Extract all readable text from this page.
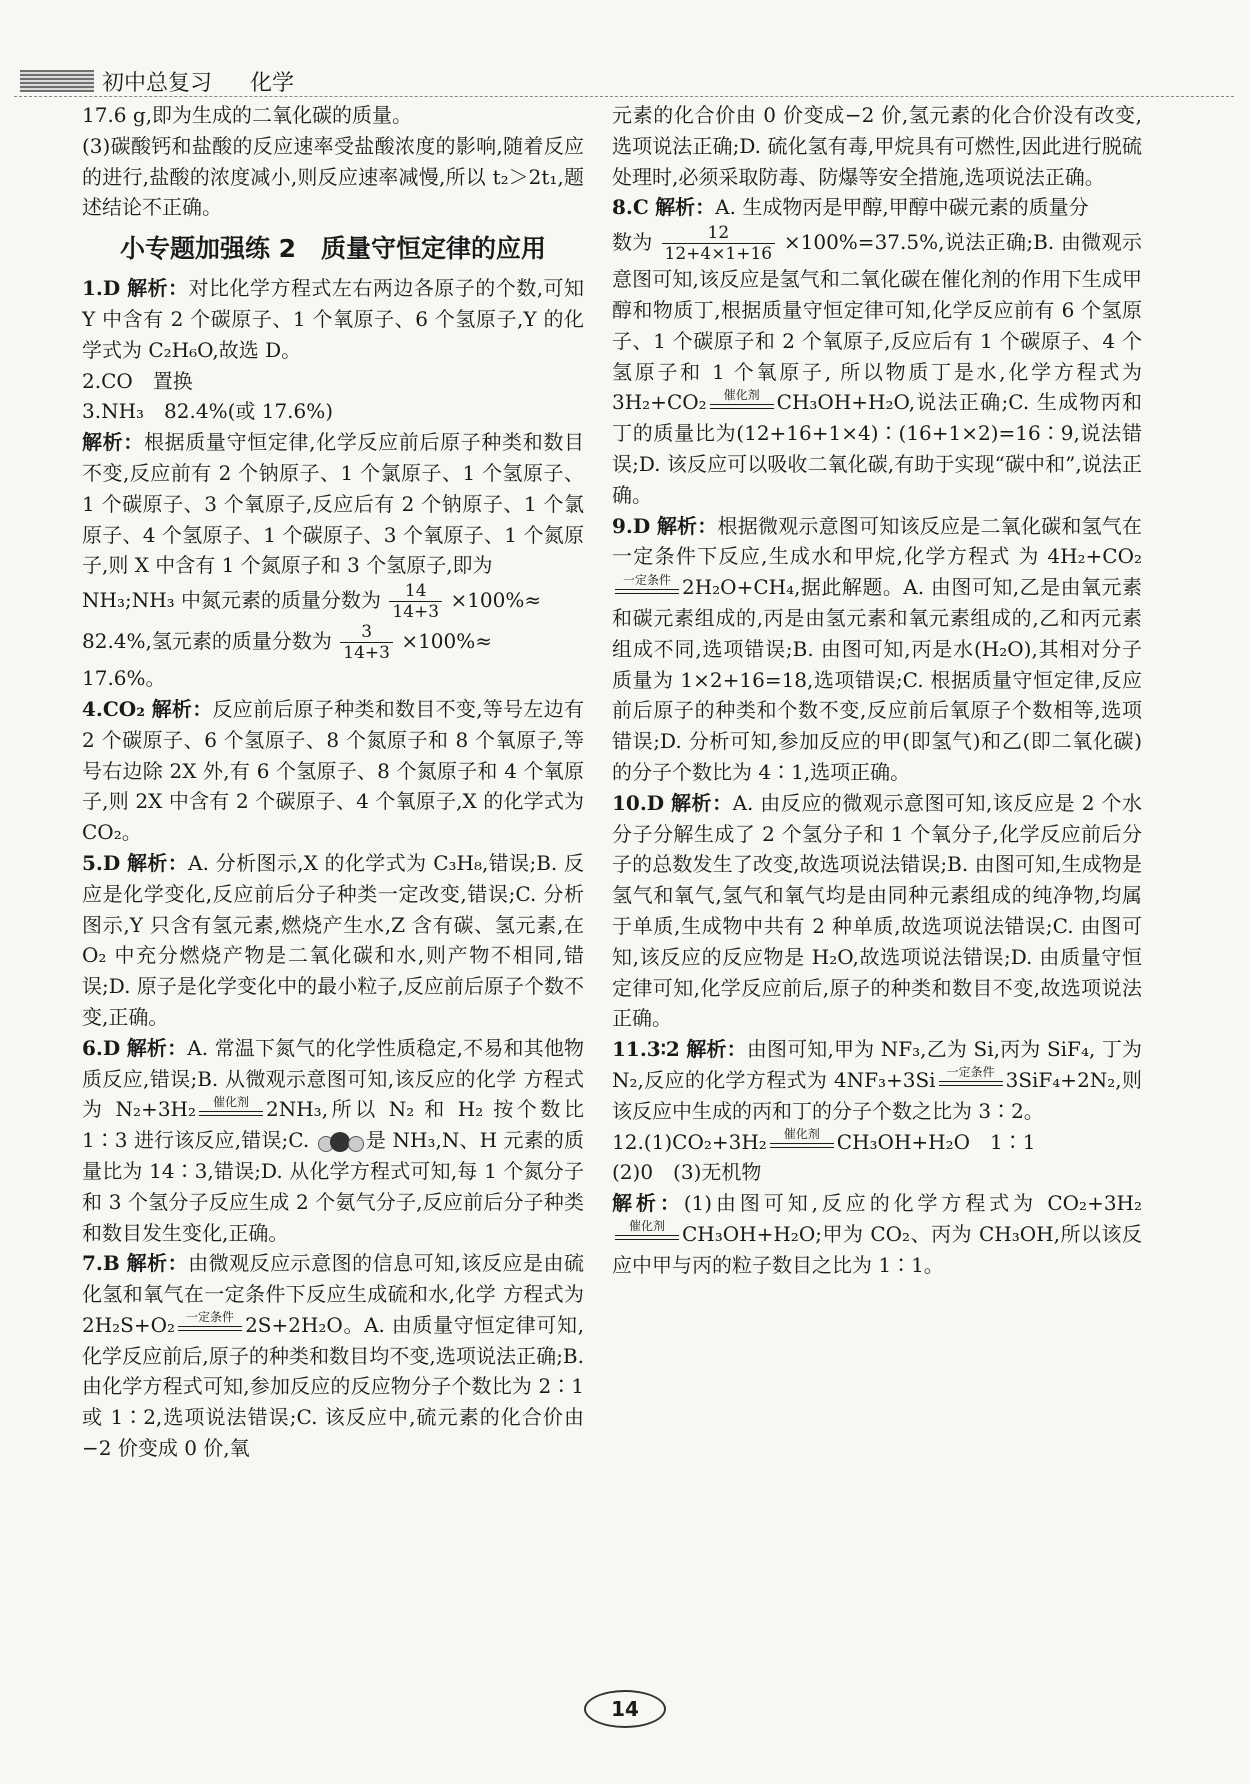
初中总复习 化学

17.6 g,即为生成的二氧化碳的质量。

(3)碳酸钙和盐酸的反应速率受盐酸浓度的影响,随着反应的进行,盐酸的浓度减小,则反应速率减慢,所以 t₂＞2t₁,题述结论不正确。

小专题加强练 2　质量守恒定律的应用

1.D 解析：对比化学方程式左右两边各原子的个数,可知 Y 中含有 2 个碳原子、1 个氧原子、6 个氢原子,Y 的化学式为 C₂H₆O,故选 D。

2.CO　置换

3.NH₃　82.4%(或 17.6%)

解析：根据质量守恒定律,化学反应前后原子种类和数目不变,反应前有 2 个钠原子、1 个氯原子、1 个氢原子、1 个碳原子、3 个氧原子,反应后有 2 个钠原子、1 个氯原子、4 个氢原子、1 个碳原子、3 个氧原子、1 个氮原子,则 X 中含有 1 个氮原子和 3 个氢原子,即为

NH₃;NH₃ 中氮元素的质量分数为 $\frac{14}{14+3} \times 100\%\approx$

82.4%,氢元素的质量分数为 $\frac{3}{14+3} \times 100\%\approx$

17.6%。

4.CO₂ 解析：反应前后原子种类和数目不变,等号左边有 2 个碳原子、6 个氢原子、8 个氮原子和 8 个氧原子,等号右边除 2X 外,有 6 个氢原子、8 个氮原子和 4 个氧原子,则 2X 中含有 2 个碳原子、4 个氧原子,X 的化学式为 CO₂。

5.D 解析：A. 分析图示,X 的化学式为 C₃H₈,错误;B. 反应是化学变化,反应前后分子种类一定改变,错误;C. 分析图示,Y 只含有氢元素,燃烧产生水,Z 含有碳、氢元素,在 O₂ 中充分燃烧产物是二氧化碳和水,则产物不相同,错误;D. 原子是化学变化中的最小粒子,反应前后原子个数不变,正确。

6.D 解析：A. 常温下氮气的化学性质稳定,不易和其他物质反应,错误;B. 从微观示意图可知,该反应的化学 方程式为 N₂+3H₂	催化剂 2NH₃,所以 N₂ 和 H₂ 按个数比 1∶3 进行该反应,错误;C.	是 NH₃,N、H 元素的质量比为 14∶3,错误;D. 从化学方程式可知,每 1 个氮分子和 3 个氢分子反应生成 2 个氨气分子,反应前后分子种类和数目发生变化,正确。

7.B 解析：由微观反应示意图的信息可知,该反应是由硫化氢和氧气在一定条件下反应生成硫和水,化学 方程式为 2H₂S+O₂ 一定条件 2S+2H₂O。A. 由质量守恒定律可知,化学反应前后,原子的种类和数目均不变,选项说法正确;B. 由化学方程式可知,参加反应的反应物分子个数比为 2∶1 或 1∶2,选项说法错误;C. 该反应中,硫元素的化合价由−2 价变成 0 价,氧

元素的化合价由 0 价变成−2 价,氢元素的化合价没有改变,选项说法正确;D. 硫化氢有毒,甲烷具有可燃性,因此进行脱硫处理时,必须采取防毒、防爆等安全措施,选项说法正确。

8.C 解析：A. 生成物丙是甲醇,甲醇中碳元素的质量分

数为 $\frac{12}{12+4\times 1+16} \times 100\%=37.5\%$,说法正确;B. 由微观示意图可知,该反应是氢气和二氧化碳在催化剂的作用下生成甲醇和物质丁,根据质量守恒定律可知,化学反应前有 6 个氢原子、1 个碳原子和 2 个氧原子,反应后有 1 个碳原子、4 个氢原子和 1 个氧原子, 所以物质丁是水,化学方程式为 3H₂+CO₂	催化剂 CH₃OH+H₂O,说法正确;C. 生成物丙和丁的质量比为(12+16+1×4)∶(16+1×2)=16∶9,说法错误;D. 该反应可以吸收二氧化碳,有助于实现“碳中和”,说法正确。

9.D 解析：根据微观示意图可知该反应是二氧化碳和氢气在一定条件下反应,生成水和甲烷,化学方程式 为 4H₂+CO₂
一定条件 2H₂O+CH₄,据此解题。A. 由图可知,乙是由氧元素和碳元素组成的,丙是由氢元素和氧元素组成的,乙和丙元素组成不同,选项错误;B. 由图可知,丙是水(H₂O),其相对分子质量为 1×2+16=18,选项错误;C. 根据质量守恒定律,反应前后原子的种类和个数不变,反应前后氧原子个数相等,选项错误;D. 分析可知,参加反应的甲(即氢气)和乙(即二氧化碳)的分子个数比为 4∶1,选项正确。

10.D 解析：A. 由反应的微观示意图可知,该反应是 2 个水分子分解生成了 2 个氢分子和 1 个氧分子,化学反应前后分子的总数发生了改变,故选项说法错误;B. 由图可知,生成物是氢气和氧气,氢气和氧气均是由同种元素组成的纯净物,均属于单质,生成物中共有 2 种单质,故选项说法错误;C. 由图可知,该反应的反应物是 H₂O,故选项说法错误;D. 由质量守恒定律可知,化学反应前后,原子的种类和数目不变,故选项说法正确。

11.3∶2 解析：由图可知,甲为 NF₃,乙为 Si,丙为 SiF₄, 丁为 N₂,反应的化学方程式为 4NF₃+3Si 一定条件 3SiF₄+2N₂,则该反应中生成的丙和丁的分子个数之比为 3∶2。

12.(1)CO₂+3H₂	催化剂 CH₃OH+H₂O　1∶1

(2)0　(3)无机物

解析：(1)由图可知,反应的化学方程式为 CO₂+3H₂
催化剂 CH₃OH+H₂O;甲为 CO₂、丙为 CH₃OH,所以该反应中甲与丙的粒子数目之比为 1∶1。

14
